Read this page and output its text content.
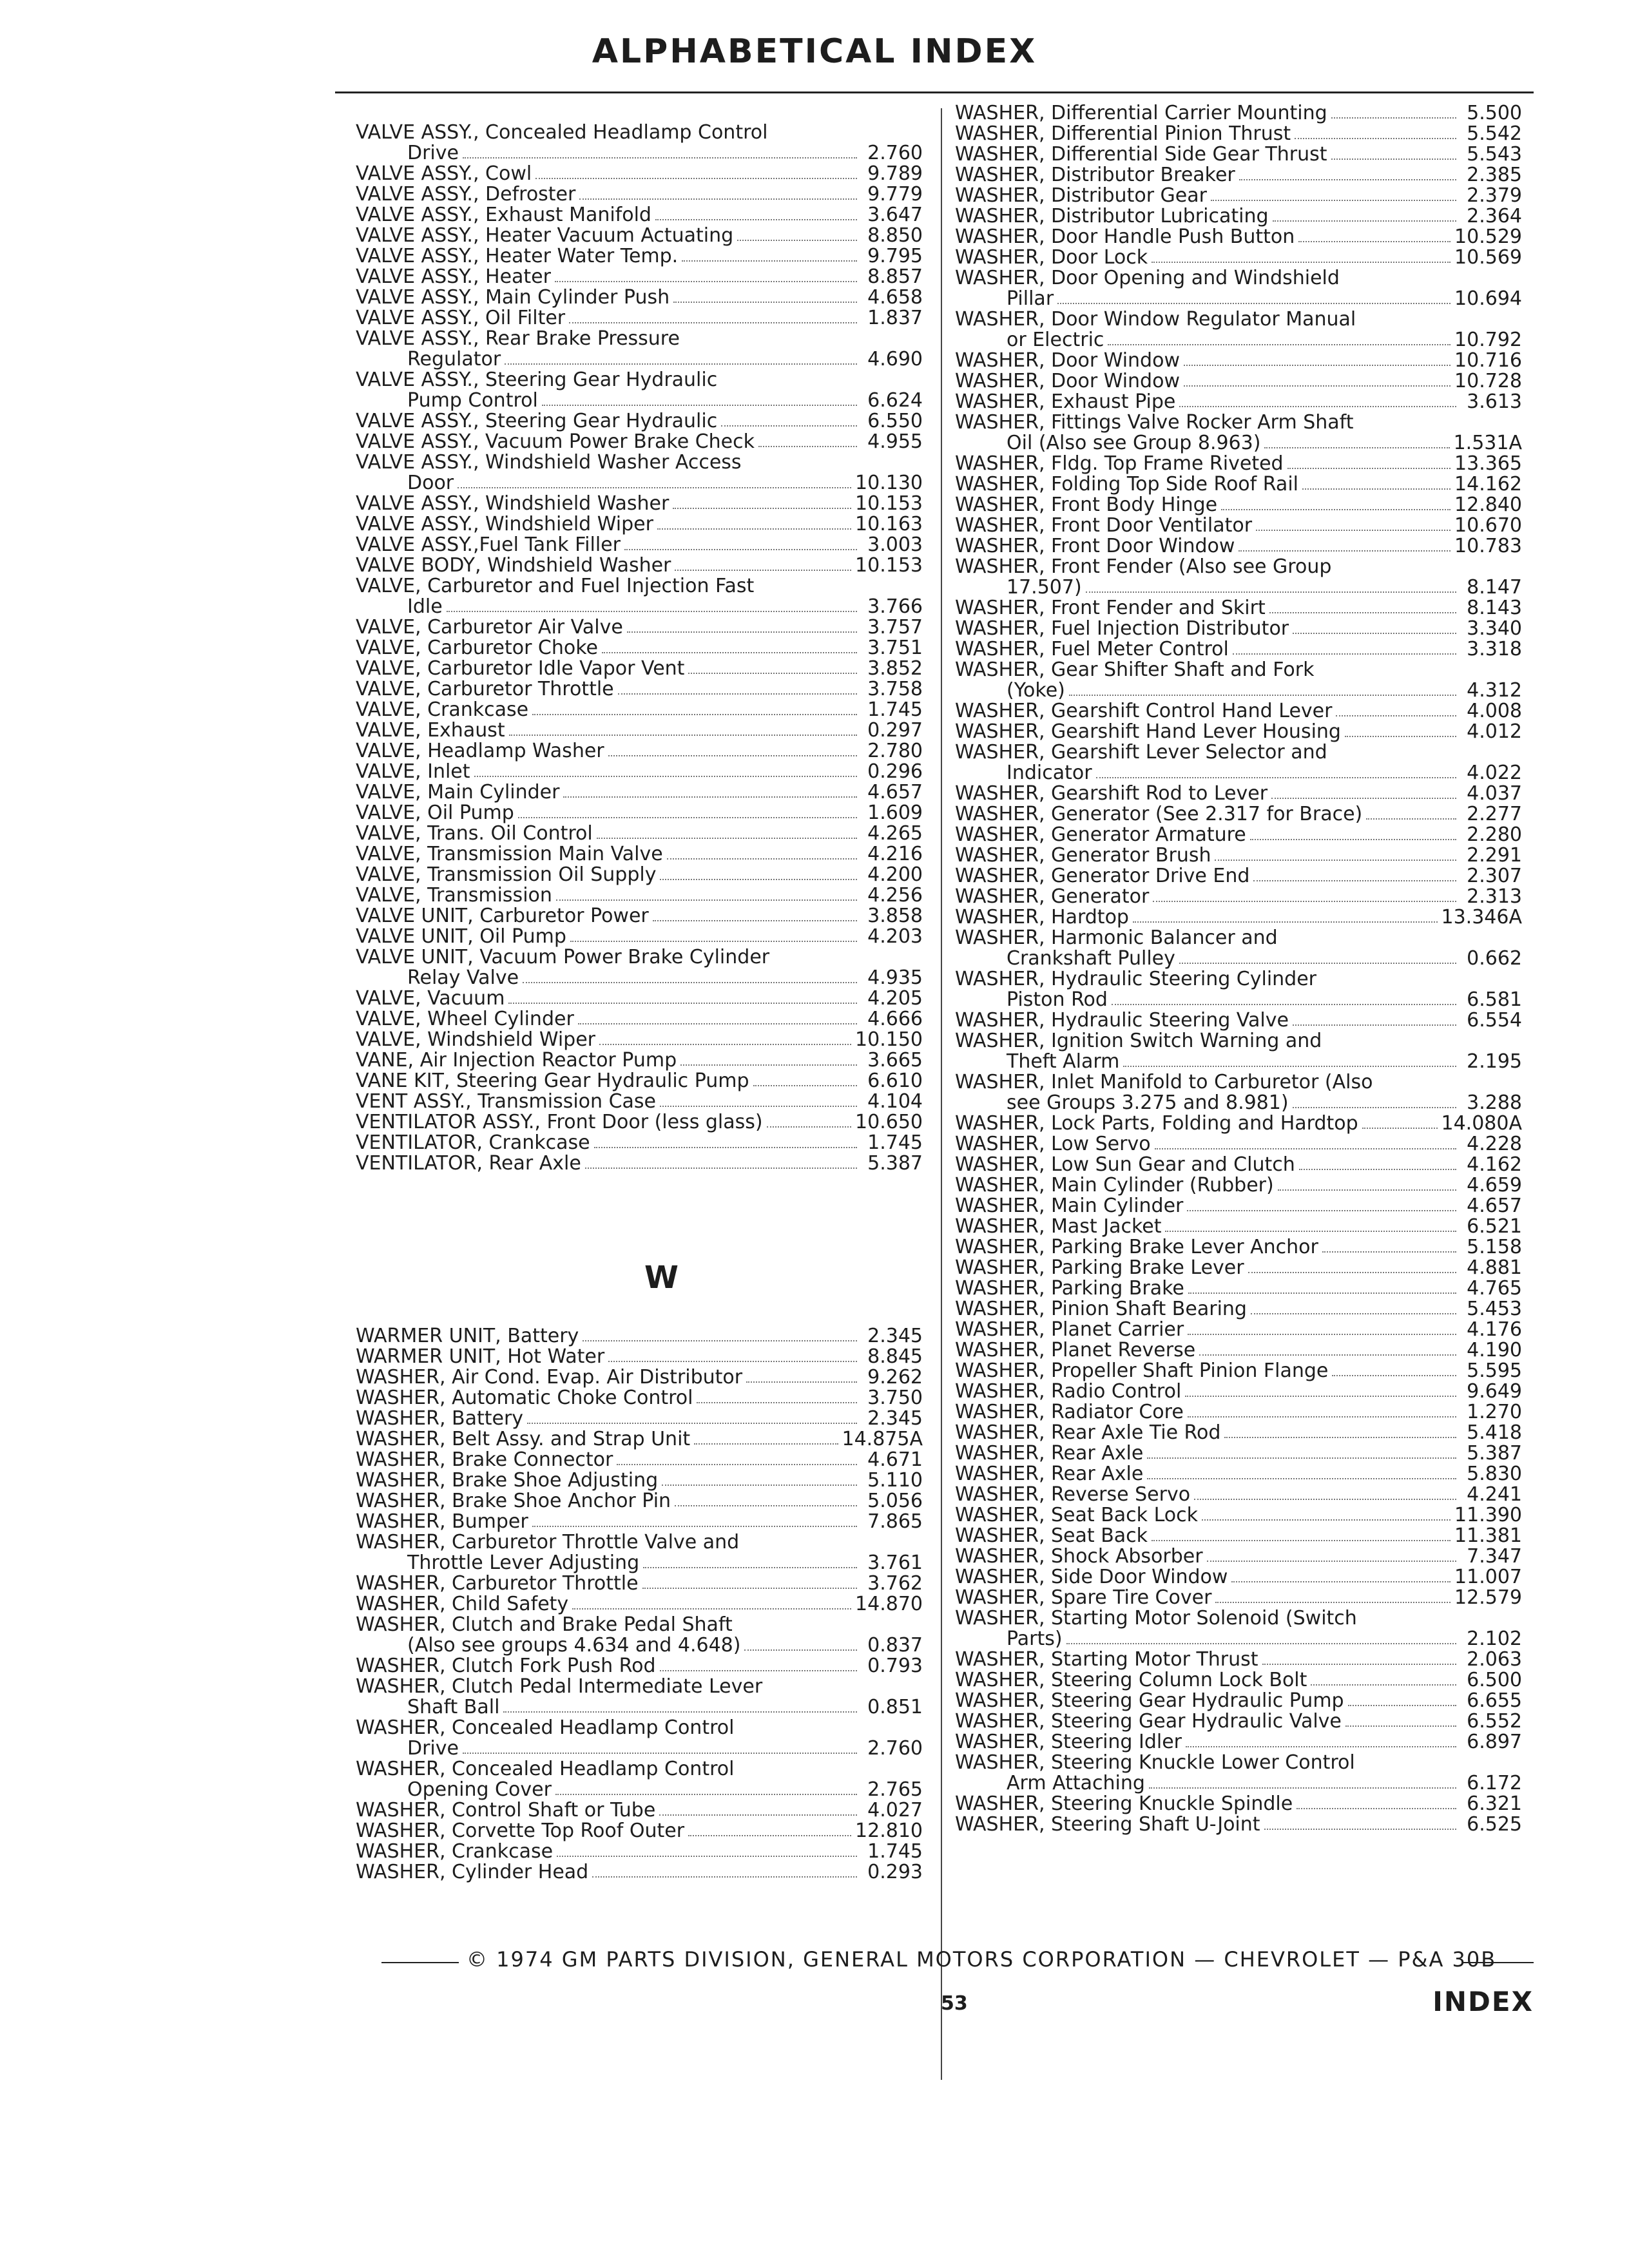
ALPHABETICAL INDEX
VALVE ASSY., Concealed Headlamp Control
Drive	2.760
VALVE ASSY., Cowl	9.789
VALVE ASSY., Defroster	9.779
VALVE ASSY., Exhaust Manifold	3.647
VALVE ASSY., Heater Vacuum Actuating	8.850
VALVE ASSY., Heater Water Temp.	9.795
VALVE ASSY., Heater	8.857
VALVE ASSY., Main Cylinder Push	4.658
VALVE ASSY., Oil Filter	1.837
VALVE ASSY., Rear Brake Pressure
Regulator	4.690
VALVE ASSY., Steering Gear Hydraulic
Pump Control	6.624
VALVE ASSY., Steering Gear Hydraulic	6.550
VALVE ASSY., Vacuum Power Brake Check	4.955
VALVE ASSY., Windshield Washer Access
Door	10.130
VALVE ASSY., Windshield Washer	10.153
VALVE ASSY., Windshield Wiper	10.163
VALVE ASSY.,Fuel Tank Filler	3.003
VALVE BODY, Windshield Washer	10.153
VALVE, Carburetor and Fuel Injection Fast
Idle	3.766
VALVE, Carburetor Air Valve	3.757
VALVE, Carburetor Choke	3.751
VALVE, Carburetor Idle Vapor Vent	3.852
VALVE, Carburetor Throttle	3.758
VALVE, Crankcase	1.745
VALVE, Exhaust	0.297
VALVE, Headlamp Washer	2.780
VALVE, Inlet	0.296
VALVE, Main Cylinder	4.657
VALVE, Oil Pump	1.609
VALVE, Trans. Oil Control	4.265
VALVE, Transmission Main Valve	4.216
VALVE, Transmission Oil Supply	4.200
VALVE, Transmission	4.256
VALVE UNIT, Carburetor Power	3.858
VALVE UNIT, Oil Pump	4.203
VALVE UNIT, Vacuum Power Brake Cylinder
Relay Valve	4.935
VALVE, Vacuum	4.205
VALVE, Wheel Cylinder	4.666
VALVE, Windshield Wiper	10.150
VANE, Air Injection Reactor Pump	3.665
VANE KIT, Steering Gear Hydraulic Pump	6.610
VENT ASSY., Transmission Case	4.104
VENTILATOR ASSY., Front Door (less glass)	10.650
VENTILATOR, Crankcase	1.745
VENTILATOR, Rear Axle	5.387
W
WARMER UNIT, Battery	2.345
WARMER UNIT, Hot Water	8.845
WASHER, Air Cond. Evap. Air Distributor	9.262
WASHER, Automatic Choke Control	3.750
WASHER, Battery	2.345
WASHER, Belt Assy. and Strap Unit	14.875A
WASHER, Brake Connector	4.671
WASHER, Brake Shoe Adjusting	5.110
WASHER, Brake Shoe Anchor Pin	5.056
WASHER, Bumper	7.865
WASHER, Carburetor Throttle Valve and
Throttle Lever Adjusting	3.761
WASHER, Carburetor Throttle	3.762
WASHER, Child Safety	14.870
WASHER, Clutch and Brake Pedal Shaft
(Also see groups 4.634 and 4.648)	0.837
WASHER, Clutch Fork Push Rod	0.793
WASHER, Clutch Pedal Intermediate Lever
Shaft Ball	0.851
WASHER, Concealed Headlamp Control
Drive	2.760
WASHER, Concealed Headlamp Control
Opening Cover	2.765
WASHER, Control Shaft or Tube	4.027
WASHER, Corvette Top Roof Outer	12.810
WASHER, Crankcase	1.745
WASHER, Cylinder Head	0.293
WASHER, Differential Carrier Mounting	5.500
WASHER, Differential Pinion Thrust	5.542
WASHER, Differential Side Gear Thrust	5.543
WASHER, Distributor Breaker	2.385
WASHER, Distributor Gear	2.379
WASHER, Distributor Lubricating	2.364
WASHER, Door Handle Push Button	10.529
WASHER, Door Lock	10.569
WASHER, Door Opening and Windshield
Pillar	10.694
WASHER, Door Window Regulator Manual
or Electric	10.792
WASHER, Door Window	10.716
WASHER, Door Window	10.728
WASHER, Exhaust Pipe	3.613
WASHER, Fittings Valve Rocker Arm Shaft
Oil (Also see Group 8.963)	1.531A
WASHER, Fldg. Top Frame Riveted	13.365
WASHER, Folding Top Side Roof Rail	14.162
WASHER, Front Body Hinge	12.840
WASHER, Front Door Ventilator	10.670
WASHER, Front Door Window	10.783
WASHER, Front Fender (Also see Group
17.507)	8.147
WASHER, Front Fender and Skirt	8.143
WASHER, Fuel Injection Distributor	3.340
WASHER, Fuel Meter Control	3.318
WASHER, Gear Shifter Shaft and Fork
(Yoke)	4.312
WASHER, Gearshift Control Hand Lever	4.008
WASHER, Gearshift Hand Lever Housing	4.012
WASHER, Gearshift Lever Selector and
Indicator	4.022
WASHER, Gearshift Rod to Lever	4.037
WASHER, Generator (See 2.317 for Brace)	2.277
WASHER, Generator Armature	2.280
WASHER, Generator Brush	2.291
WASHER, Generator Drive End	2.307
WASHER, Generator	2.313
WASHER, Hardtop	13.346A
WASHER, Harmonic Balancer and
Crankshaft Pulley	0.662
WASHER, Hydraulic Steering Cylinder
Piston Rod	6.581
WASHER, Hydraulic Steering Valve	6.554
WASHER, Ignition Switch Warning and
Theft Alarm	2.195
WASHER, Inlet Manifold to Carburetor (Also
see Groups 3.275 and 8.981)	3.288
WASHER, Lock Parts, Folding and Hardtop	14.080A
WASHER, Low Servo	4.228
WASHER, Low Sun Gear and Clutch	4.162
WASHER, Main Cylinder (Rubber)	4.659
WASHER, Main Cylinder	4.657
WASHER, Mast Jacket	6.521
WASHER, Parking Brake Lever Anchor	5.158
WASHER, Parking Brake Lever	4.881
WASHER, Parking Brake	4.765
WASHER, Pinion Shaft Bearing	5.453
WASHER, Planet Carrier	4.176
WASHER, Planet Reverse	4.190
WASHER, Propeller Shaft Pinion Flange	5.595
WASHER, Radio Control	9.649
WASHER, Radiator Core	1.270
WASHER, Rear Axle Tie Rod	5.418
WASHER, Rear Axle	5.387
WASHER, Rear Axle	5.830
WASHER, Reverse Servo	4.241
WASHER, Seat Back Lock	11.390
WASHER, Seat Back	11.381
WASHER, Shock Absorber	7.347
WASHER, Side Door Window	11.007
WASHER, Spare Tire Cover	12.579
WASHER, Starting Motor Solenoid (Switch
Parts)	2.102
WASHER, Starting Motor Thrust	2.063
WASHER, Steering Column Lock Bolt	6.500
WASHER, Steering Gear Hydraulic Pump	6.655
WASHER, Steering Gear Hydraulic Valve	6.552
WASHER, Steering Idler	6.897
WASHER, Steering Knuckle Lower Control
Arm Attaching	6.172
WASHER, Steering Knuckle Spindle	6.321
WASHER, Steering Shaft U-Joint	6.525
© 1974 GM PARTS DIVISION, GENERAL MOTORS CORPORATION — CHEVROLET — P&A 30B
53	INDEX
